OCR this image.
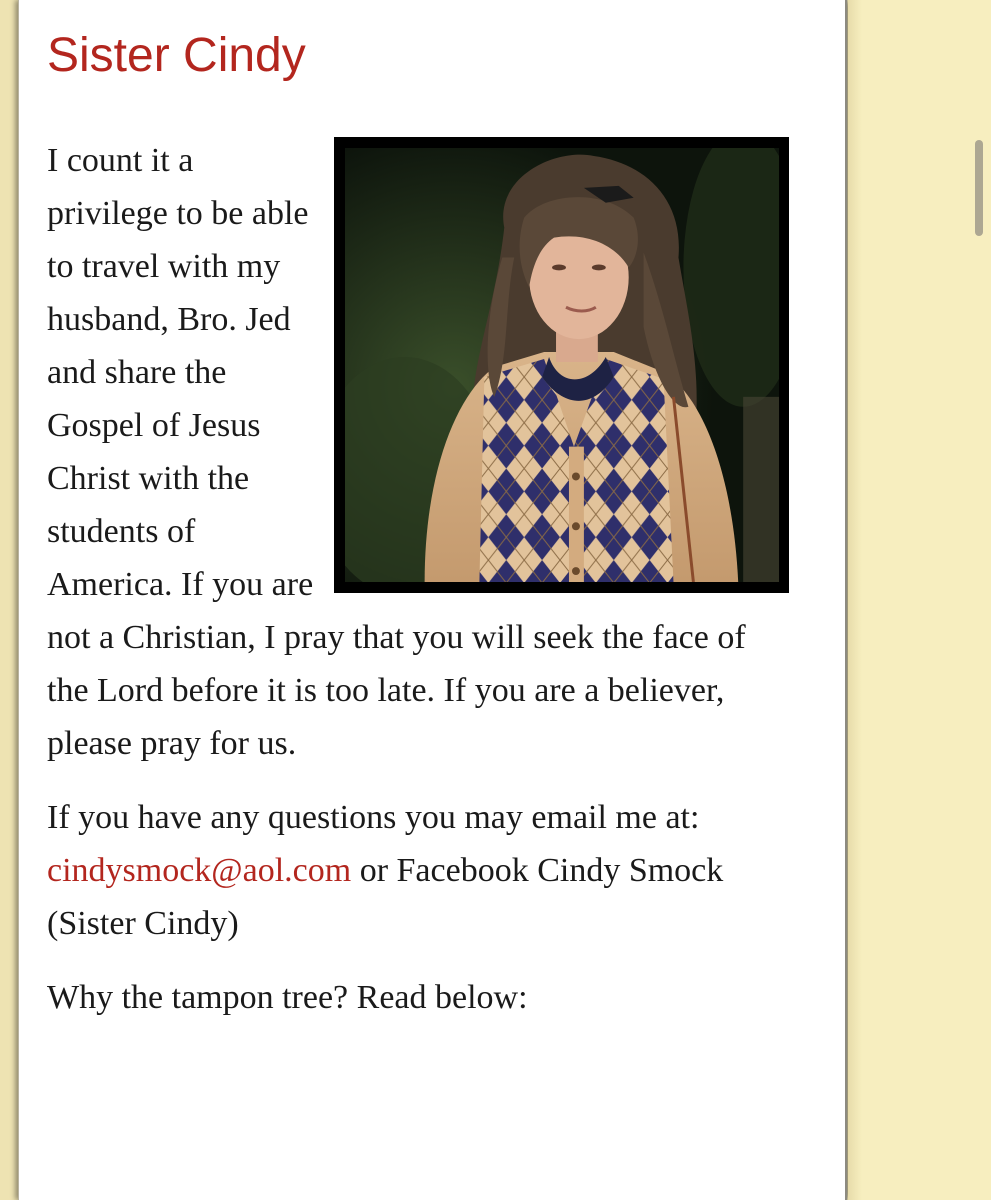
Sister Cindy

I count it a privilege to be able to travel with my husband, Bro. Jed and share the Gospel of Jesus Christ with the students of America. If you are not a Christian, I pray that you will seek the face of the Lord before it is too late. If you are a believer, please pray for us.

If you have any questions you may email me at: cindysmock@aol.com or Facebook Cindy Smock (Sister Cindy)

Why the tampon tree? Read below:
